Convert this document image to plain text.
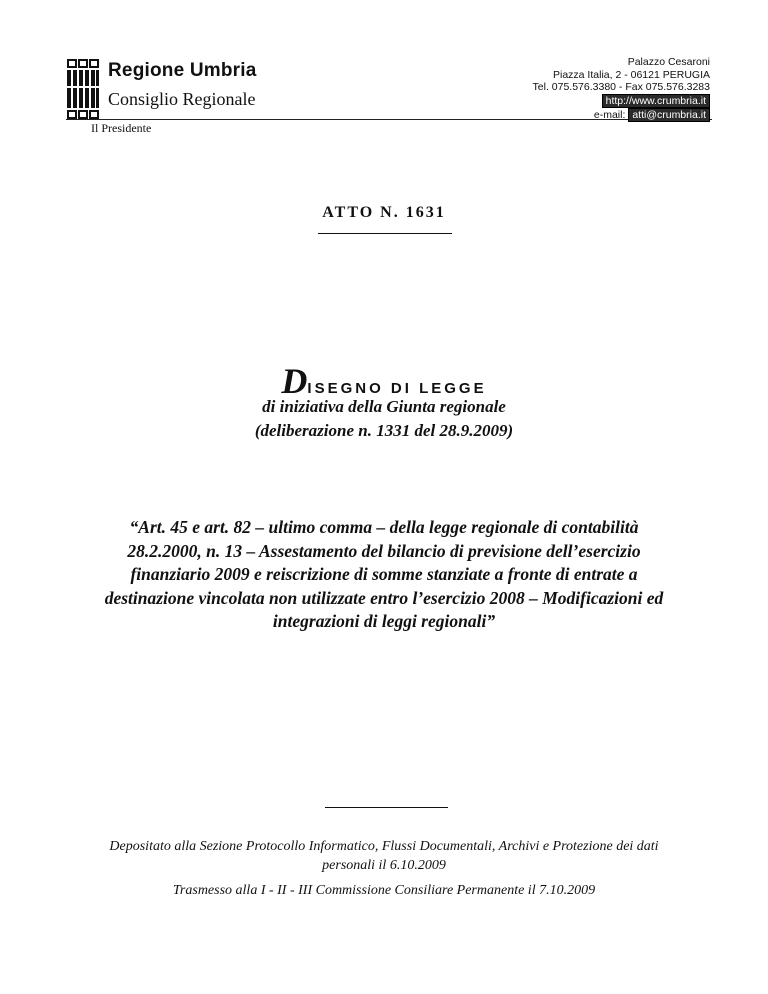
Regione Umbria
Consiglio Regionale
Il Presidente
Palazzo Cesaroni
Piazza Italia, 2 - 06121 PERUGIA
Tel. 075.576.3380 - Fax 075.576.3283
http://www.crumbria.it
e-mail: atti@crumbria.it
ATTO N. 1631
DISEGNO DI LEGGE
di iniziativa della Giunta regionale
(deliberazione n. 1331 del 28.9.2009)
“Art. 45 e art. 82 – ultimo comma – della legge regionale di contabilità 28.2.2000, n. 13 – Assestamento del bilancio di previsione dell’esercizio finanziario 2009 e reiscrizione di somme stanziate a fronte di entrate a destinazione vincolata non utilizzate entro l’esercizio 2008 – Modificazioni ed integrazioni di leggi regionali”
Depositato alla Sezione Protocollo Informatico, Flussi Documentali, Archivi e Protezione dei dati personali il 6.10.2009
Trasmesso alla I - II - III Commissione Consiliare Permanente il 7.10.2009
